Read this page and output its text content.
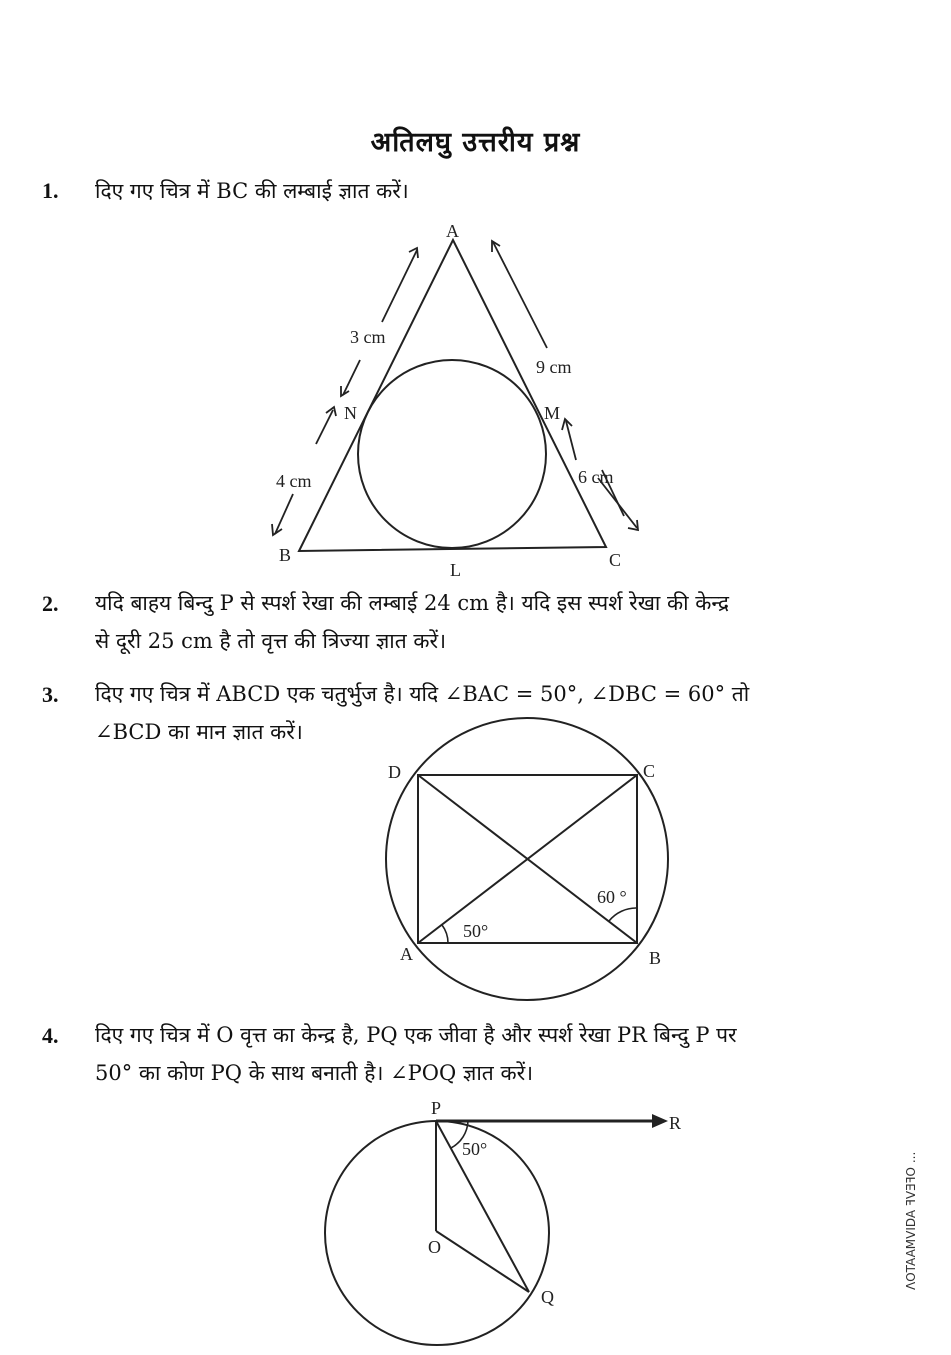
अतिलघु उत्तरीय प्रश्न
1. दिए गए चित्र में BC की लम्बाई ज्ञात करें।
A
B	C
N	M
L
3 cm
4 cm
9 cm
6 cm
2. यदि बाहय बिन्दु P से स्पर्श रेखा की लम्बाई 24 cm है। यदि इस स्पर्श रेखा की केन्द्र
से दूरी 25 cm है तो वृत्त की त्रिज्या ज्ञात करें।
3. दिए गए चित्र में ABCD एक चतुर्भुज है। यदि ∠BAC = 50°, ∠DBC = 60° तो
∠BCD का मान ज्ञात करें।
D	C
A	B
50°
60 °
4. दिए गए चित्र में O वृत्त का केन्द्र है, PQ एक जीवा है और स्पर्श रेखा PR बिन्दु P पर
50° का कोण PQ के साथ बनाती है। ∠POQ ज्ञात करें।
P
R
O
Q
50°
ɅOTAAMVIDA ꟻVƎꟻO ...
